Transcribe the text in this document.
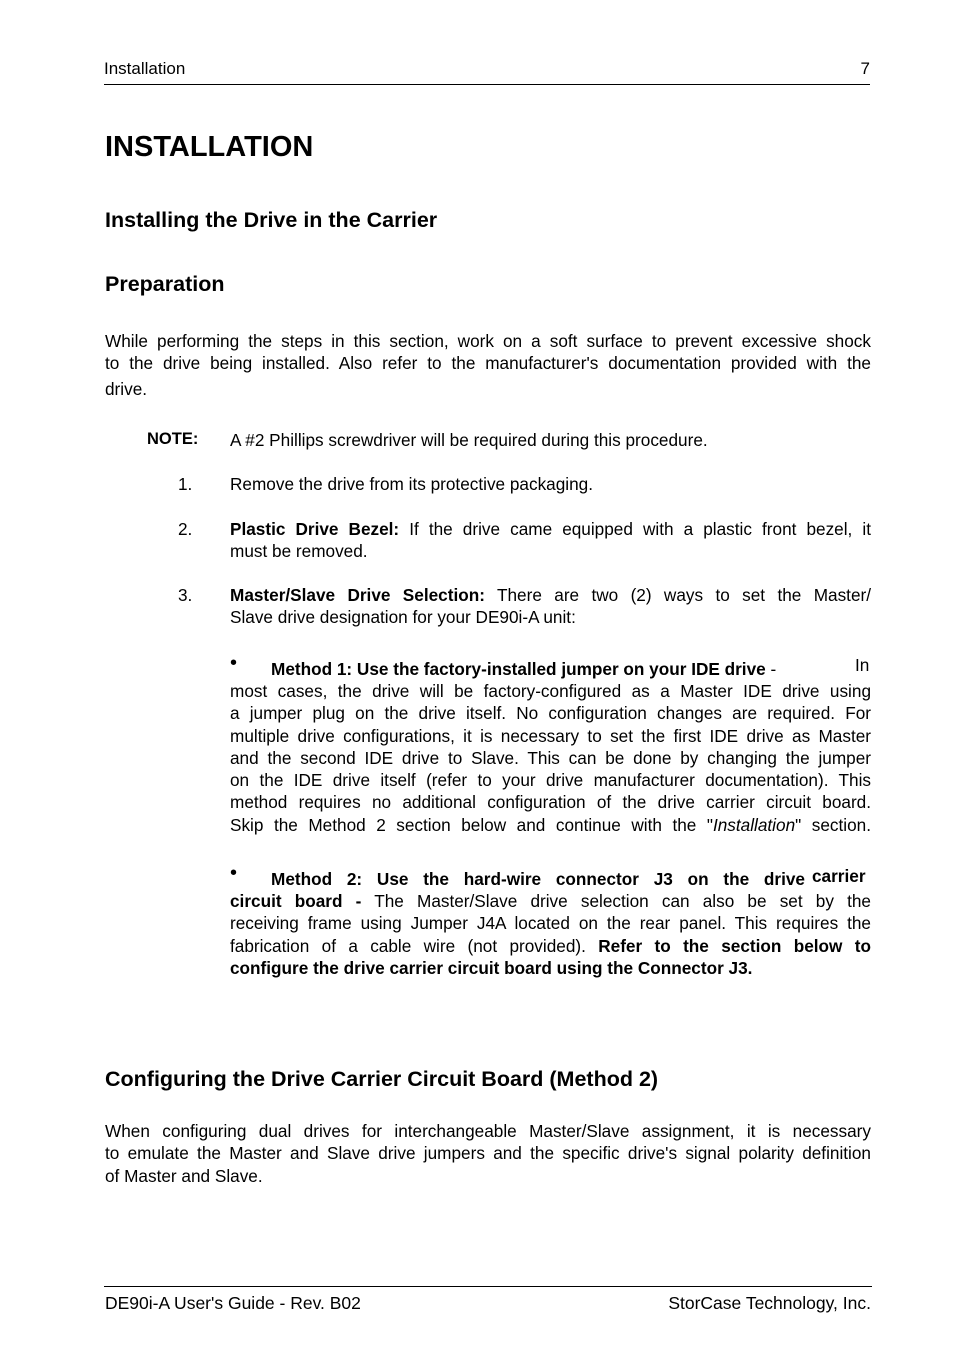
Installation	7
INSTALLATION
Installing the Drive in the Carrier
Preparation
While performing the steps in this section, work on a soft surface to prevent excessive shock
to the drive being installed. Also refer to the manufacturer's documentation provided with the
drive.
NOTE: A #2 Phillips screwdriver will be required during this procedure.
1. Remove the drive from its protective packaging.
2. Plastic Drive Bezel: If the drive came equipped with a plastic front bezel, it
must be removed.
3. Master/Slave Drive Selection: There are two (2) ways to set the Master/
Slave drive designation for your DE90i-A unit:
• Method 1: Use the factory-installed jumper on your IDE drive -	In
most cases, the drive will be factory-configured as a Master IDE drive using
a jumper plug on the drive itself. No configuration changes are required. For
multiple drive configurations, it is necessary to set the first IDE drive as Master
and the second IDE drive to Slave. This can be done by changing the jumper
on the IDE drive itself (refer to your drive manufacturer documentation). This
method requires no additional configuration of the drive carrier circuit board.
Skip the Method 2 section below and continue with the "Installation" section.
• Method 2: Use the hard-wire connector J3 on the drive carrier
circuit board - The Master/Slave drive selection can also be set by the
receiving frame using Jumper J4A located on the rear panel. This requires the
fabrication of a cable wire (not provided). Refer to the section below to
configure the drive carrier circuit board using the Connector J3.
Configuring the Drive Carrier Circuit Board (Method 2)
When configuring dual drives for interchangeable Master/Slave assignment, it is necessary
to emulate the Master and Slave drive jumpers and the specific drive's signal polarity definition
of Master and Slave.
DE90i-A User's Guide - Rev. B02	StorCase Technology, Inc.
